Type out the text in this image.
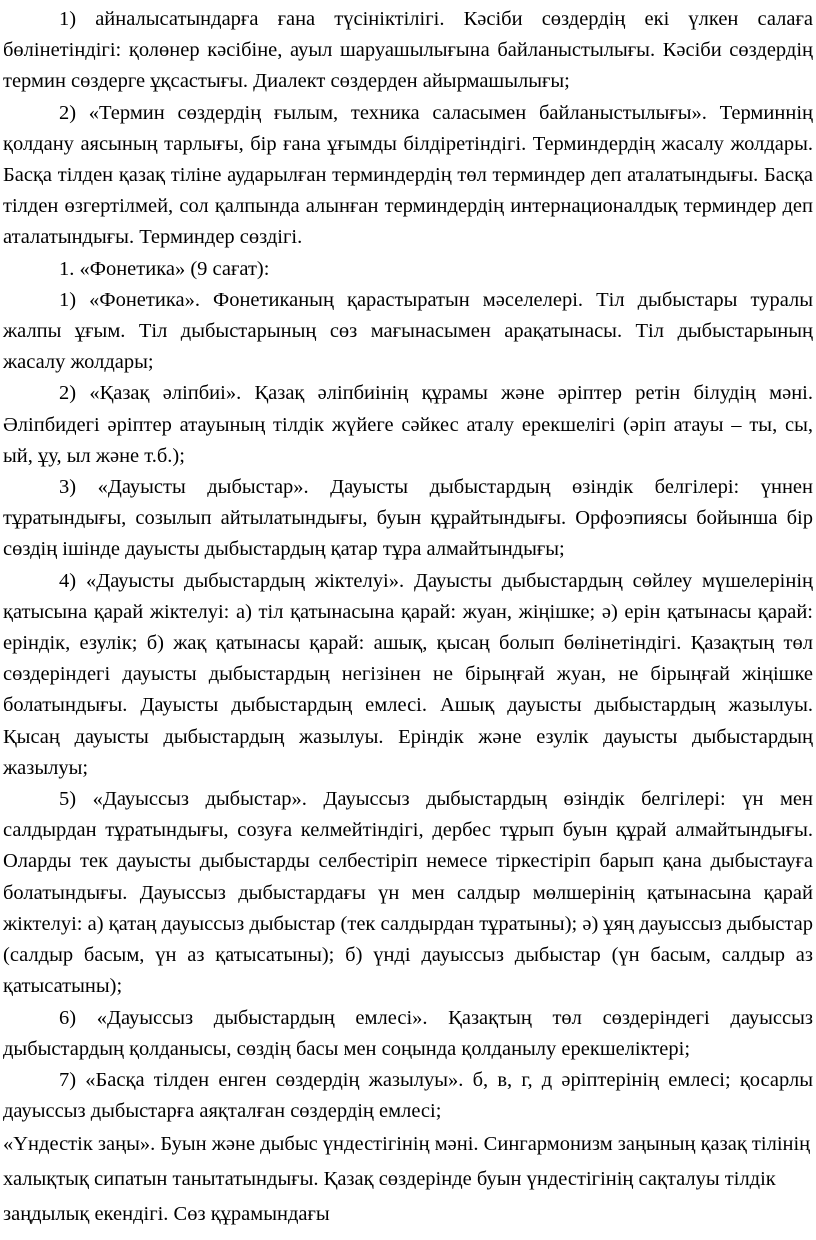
1) айналысатындарға ғана түсініктілігі. Кәсіби сөздердің екі үлкен салаға бөлінетіндігі: қолөнер кәсібіне, ауыл шаруашылығына байланыстылығы. Кәсіби сөздердің термин сөздерге ұқсастығы. Диалект сөздерден айырмашылығы;

2) «Термин сөздердің ғылым, техника саласымен байланыстылығы». Терминнің қолдану аясының тарлығы, бір ғана ұғымды білдіретіндігі. Терминдердің жасалу жолдары. Басқа тілден қазақ тіліне аударылған терминдердің төл терминдер деп аталатындығы. Басқа тілден өзгертілмей, сол қалпында алынған терминдердің интернационалдық терминдер деп аталатындығы. Терминдер сөздігі.

1. «Фонетика» (9 сағат):

1) «Фонетика». Фонетиканың қарастыратын мәселелері. Тіл дыбыстары туралы жалпы ұғым. Тіл дыбыстарының сөз мағынасымен арақатынасы. Тіл дыбыстарының жасалу жолдары;

2) «Қазақ әліпбиі». Қазақ әліпбиінің құрамы және әріптер ретін білудің мәні. Әліпбидегі әріптер атауының тілдік жүйеге сәйкес аталу ерекшелігі (әріп атауы – ты, сы, ый, ұу, ыл және т.б.);

3) «Дауысты дыбыстар». Дауысты дыбыстардың өзіндік белгілері: үннен тұратындығы, созылып айтылатындығы, буын құрайтындығы. Орфоэпиясы бойынша бір сөздің ішінде дауысты дыбыстардың қатар тұра алмайтындығы;

4) «Дауысты дыбыстардың жіктелуі». Дауысты дыбыстардың сөйлеу мүшелерінің қатысына қарай жіктелуі: а) тіл қатынасына қарай: жуан, жіңішке; ә) ерін қатынасы қарай: еріндік, езулік; б) жақ қатынасы қарай: ашық, қысаң болып бөлінетіндігі. Қазақтың төл сөздеріндегі дауысты дыбыстардың негізінен не бірыңғай жуан, не бірыңғай жіңішке болатындығы. Дауысты дыбыстардың емлесі. Ашық дауысты дыбыстардың жазылуы. Қысаң дауысты дыбыстардың жазылуы. Еріндік және езулік дауысты дыбыстардың жазылуы;

5) «Дауыссыз дыбыстар». Дауыссыз дыбыстардың өзіндік белгілері: үн мен салдырдан тұратындығы, созуға келмейтіндігі, дербес тұрып буын құрай алмайтындығы. Оларды тек дауысты дыбыстарды селбестіріп немесе тіркестіріп барып қана дыбыстауға болатындығы. Дауыссыз дыбыстардағы үн мен салдыр мөлшерінің қатынасына қарай жіктелуі: а) қатаң дауыссыз дыбыстар (тек салдырдан тұратыны); ә) ұяң дауыссыз дыбыстар (салдыр басым, үн аз қатысатыны); б) үнді дауыссыз дыбыстар (үн басым, салдыр аз қатысатыны);

6) «Дауыссыз дыбыстардың емлесі». Қазақтың төл сөздеріндегі дауыссыз дыбыстардың қолданысы, сөздің басы мен соңында қолданылу ерекшеліктері;

7) «Басқа тілден енген сөздердің жазылуы». б, в, г, д әріптерінің емлесі; қосарлы дауыссыз дыбыстарға аяқталған сөздердің емлесі;

«Үндестік заңы». Буын және дыбыс үндестігінің мәні. Сингармонизм заңының қазақ тілінің халықтық сипатын танытатындығы. Қазақ сөздерінде буын үндестігінің сақталуы тілдік заңдылық екендігі. Сөз құрамындағы
